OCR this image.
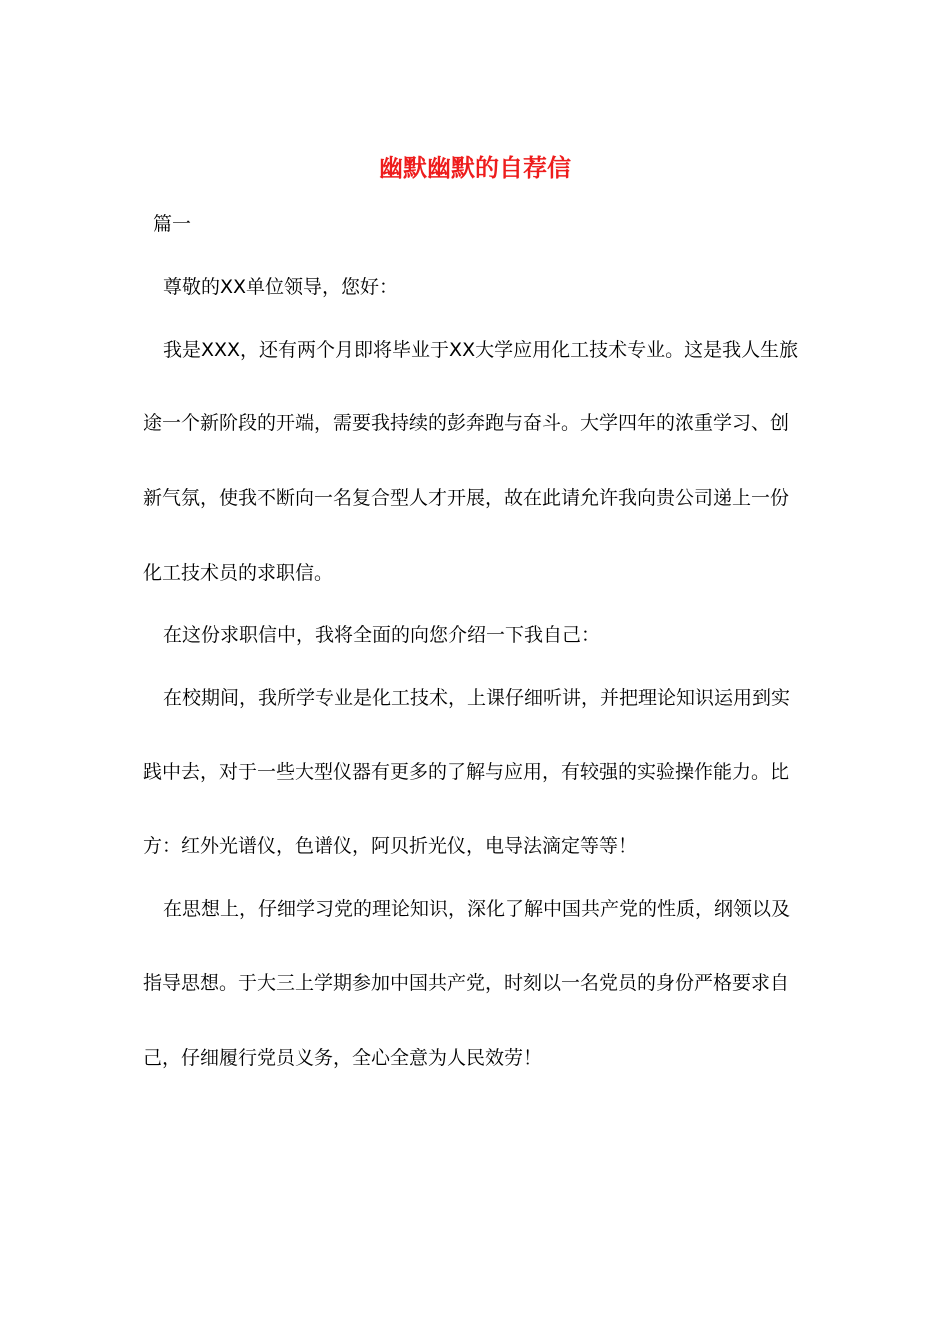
幽默幽默的自荐信
篇一
尊敬的XX单位领导，您好：
我是XXX，还有两个月即将毕业于XX大学应用化工技术专业。这是我人生旅
途一个新阶段的开端，需要我持续的彭奔跑与奋斗。大学四年的浓重学习、创
新气氛，使我不断向一名复合型人才开展，故在此请允许我向贵公司递上一份
化工技术员的求职信。
在这份求职信中，我将全面的向您介绍一下我自己：
在校期间，我所学专业是化工技术，上课仔细听讲，并把理论知识运用到实
践中去，对于一些大型仪器有更多的了解与应用，有较强的实验操作能力。比
方：红外光谱仪，色谱仪，阿贝折光仪，电导法滴定等等！
在思想上，仔细学习党的理论知识，深化了解中国共产党的性质，纲领以及
指导思想。于大三上学期参加中国共产党，时刻以一名党员的身份严格要求自
己，仔细履行党员义务，全心全意为人民效劳！
